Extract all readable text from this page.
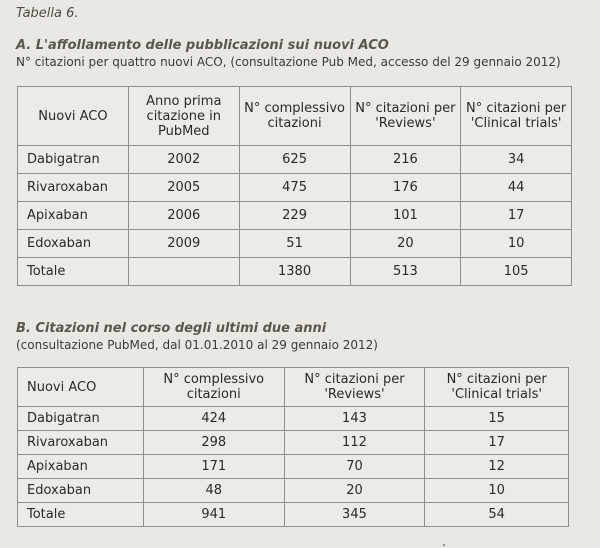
Tabella 6.
A. L'affollamento delle pubblicazioni sui nuovi ACO
N° citazioni per quattro nuovi ACO, (consultazione Pub Med, accesso del 29 gennaio 2012)
Nuovi ACO	Anno prima citazione in PubMed	N° complessivo citazioni	N° citazioni per 'Reviews'	N° citazioni per 'Clinical trials'
Dabigatran	2002	625	216	34
Rivaroxaban	2005	475	176	44
Apixaban	2006	229	101	17
Edoxaban	2009	51	20	10
Totale		1380	513	105
B. Citazioni nel corso degli ultimi due anni
(consultazione PubMed, dal 01.01.2010 al 29 gennaio 2012)
Nuovi ACO	N° complessivo citazioni	N° citazioni per 'Reviews'	N° citazioni per 'Clinical trials'
Dabigatran	424	143	15
Rivaroxaban	298	112	17
Apixaban	171	70	12
Edoxaban	48	20	10
Totale	941	345	54
